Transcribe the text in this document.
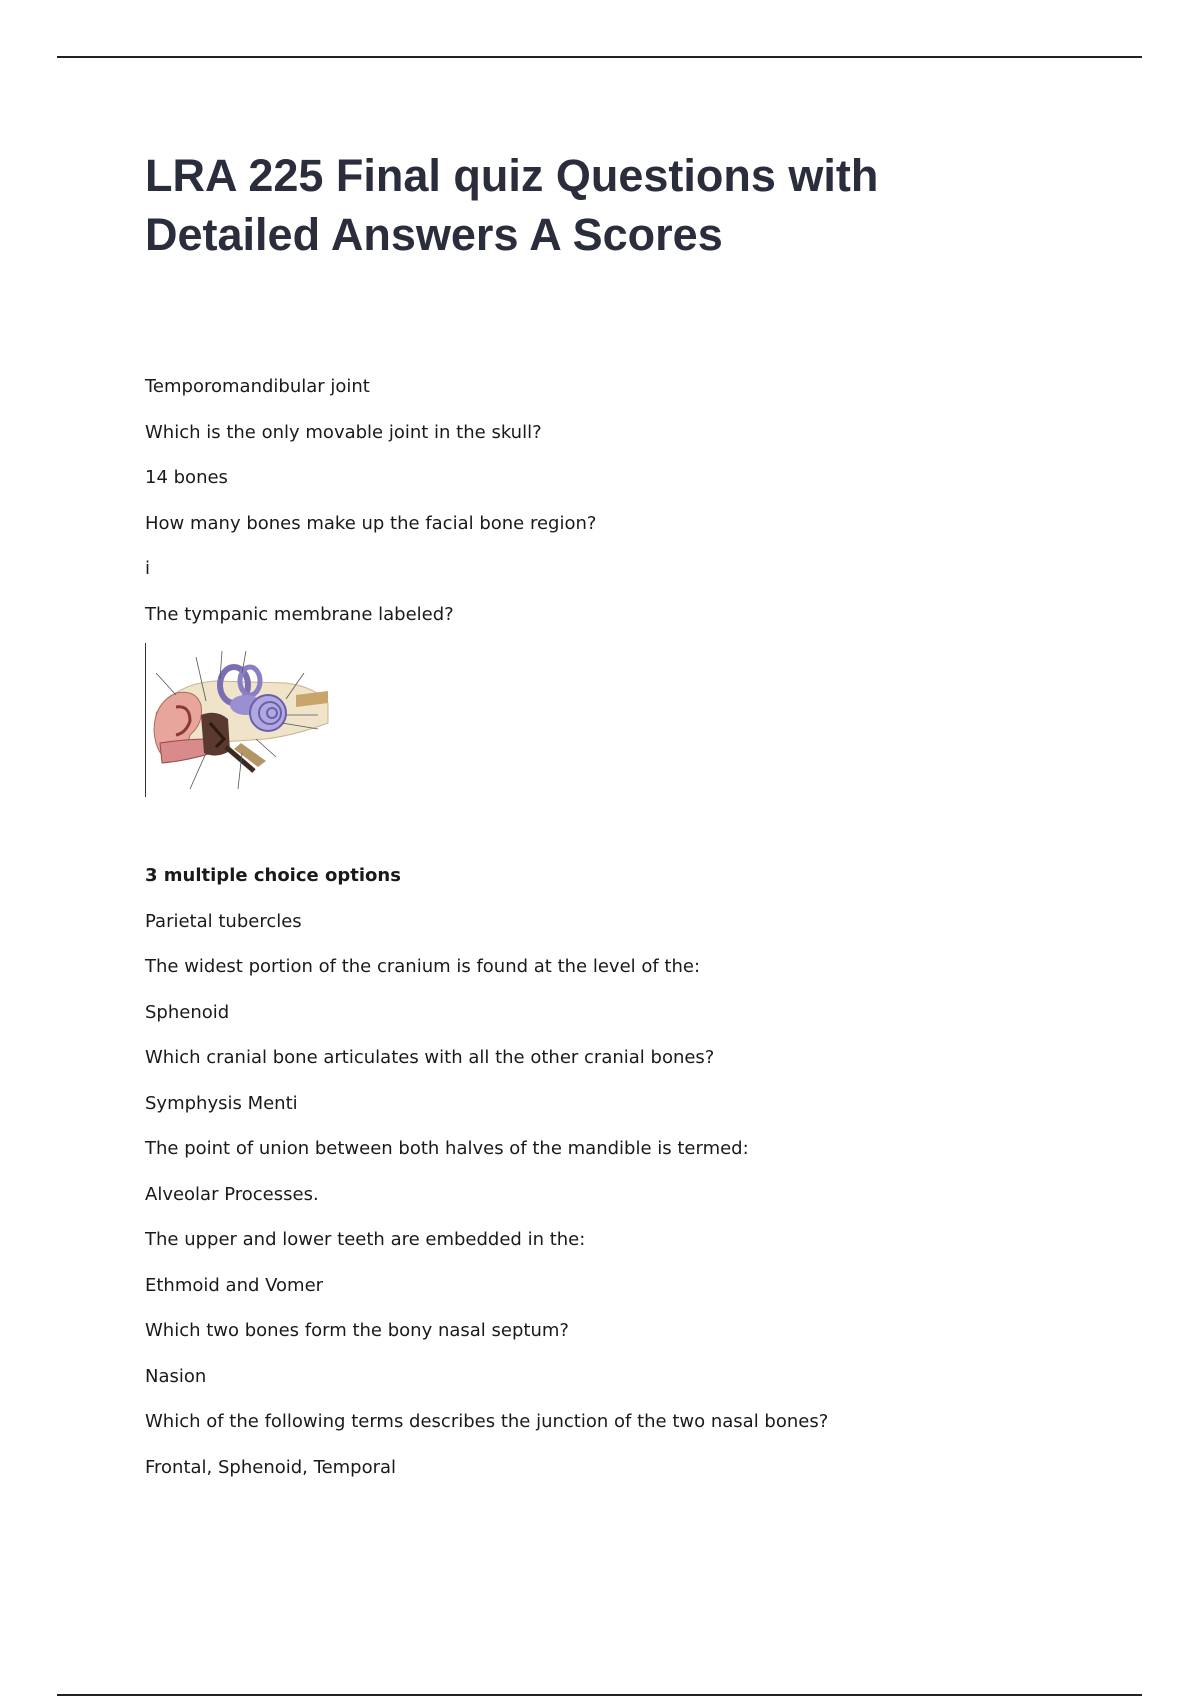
LRA 225 Final quiz Questions with Detailed Answers A Scores
Temporomandibular joint
Which is the only movable joint in the skull?
14 bones
How many bones make up the facial bone region?
i
The tympanic membrane labeled?
3 multiple choice options
Parietal tubercles
The widest portion of the cranium is found at the level of the:
Sphenoid
Which cranial bone articulates with all the other cranial bones?
Symphysis Menti
The point of union between both halves of the mandible is termed:
Alveolar Processes.
The upper and lower teeth are embedded in the:
Ethmoid and Vomer
Which two bones form the bony nasal septum?
Nasion
Which of the following terms describes the junction of the two nasal bones?
Frontal, Sphenoid, Temporal
